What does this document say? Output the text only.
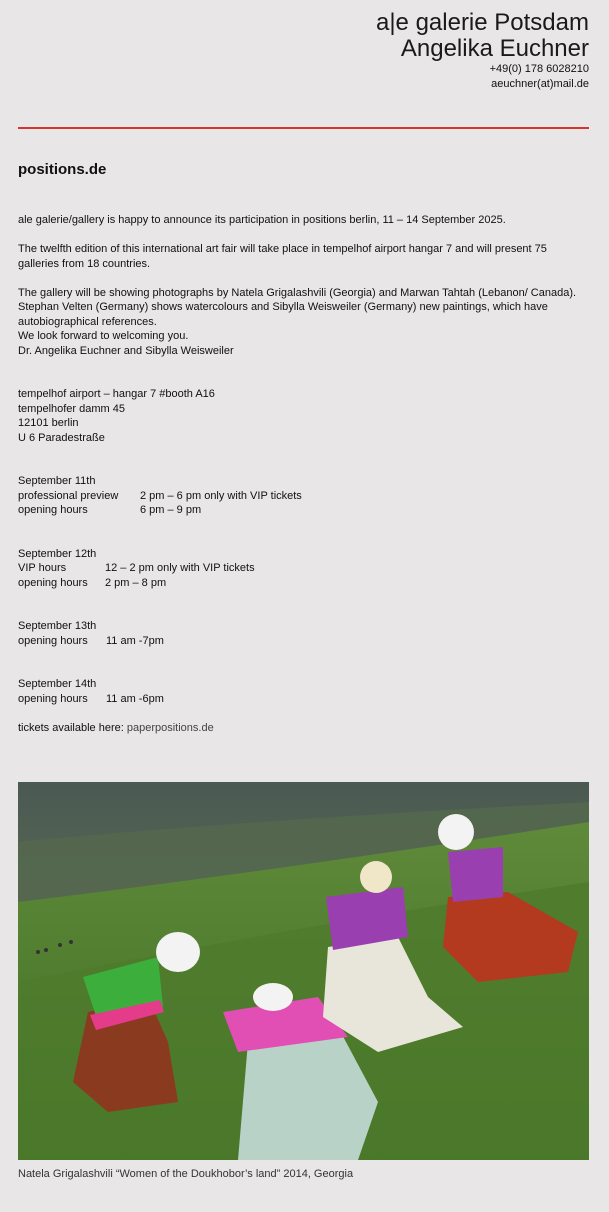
a|e galerie Potsdam
Angelika Euchner
+49(0) 178 6028210
aeuchner(at)mail.de
positions.de

ale galerie/gallery is happy to announce its participation in positions berlin, 11 – 14 September 2025.

The twelfth edition of this international art fair will take place in tempelhof airport hangar 7 and will present 75 galleries from 18 countries.

The gallery will be showing photographs by Natela Grigalashvili (Georgia) and Marwan Tahtah (Lebanon/ Canada). Stephan Velten (Germany) shows watercolours and Sibylla Weisweiler (Germany) new paintings, which have autobiographical references.

We look forward to welcoming you.

Dr. Angelika Euchner and Sibylla Weisweiler

tempelhof airport – hangar 7 #booth A16

tempelhofer damm 45

12101 berlin

U 6 Paradestraße

September 11th

professional preview	2 pm – 6 pm only with VIP tickets
opening hours	6 pm – 9 pm

September 12th

VIP hours	12 – 2 pm only with VIP tickets
opening hours	2 pm – 8 pm

September 13th

opening hours	11 am -7pm

September 14th

opening hours	11 am -6pm

tickets available here: paperpositions.de

Natela Grigalashvili “Women of the Doukhobor’s land” 2014, Georgia
